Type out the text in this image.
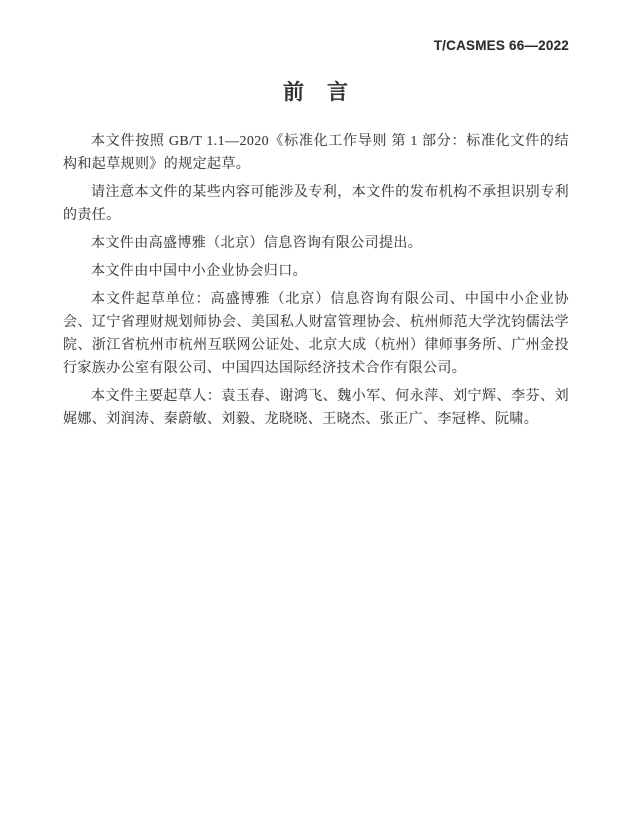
T/CASMES 66—2022
前　言

本文件按照 GB/T 1.1—2020《标准化工作导则 第 1 部分：标准化文件的结构和起草规则》的规定起草。

请注意本文件的某些内容可能涉及专利，本文件的发布机构不承担识别专利的责任。

本文件由高盛博雅（北京）信息咨询有限公司提出。

本文件由中国中小企业协会归口。

本文件起草单位：高盛博雅（北京）信息咨询有限公司、中国中小企业协会、辽宁省理财规划师协会、美国私人财富管理协会、杭州师范大学沈钧儒法学院、浙江省杭州市杭州互联网公证处、北京大成（杭州）律师事务所、广州金投行家族办公室有限公司、中国四达国际经济技术合作有限公司。

本文件主要起草人：袁玉春、谢鸿飞、魏小军、何永萍、刘宁辉、李芬、刘娓娜、刘润涛、秦蔚敏、刘毅、龙晓晓、王晓杰、张正广、李冠桦、阮啸。
